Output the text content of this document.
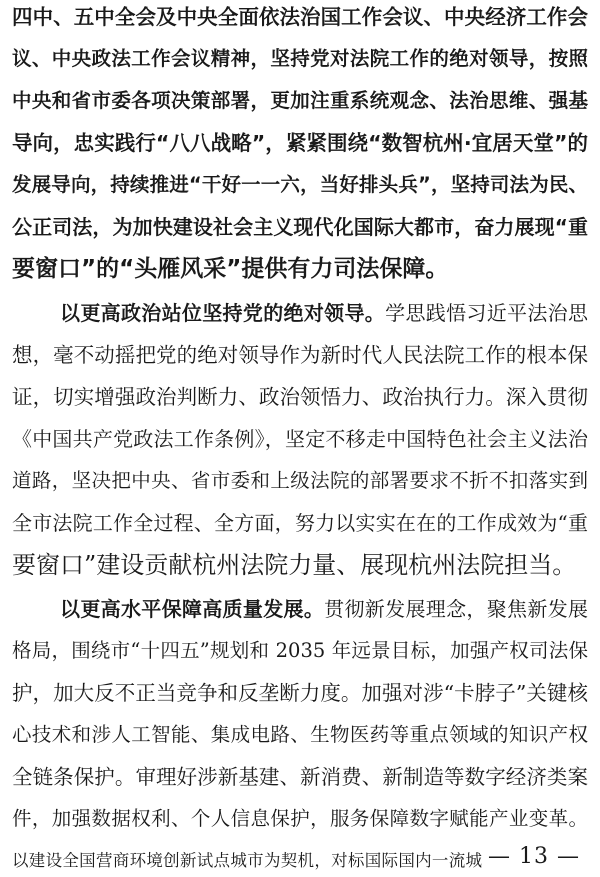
四中、五中全会及中央全面依法治国工作会议、中央经济工作会
议、中央政法工作会议精神，坚持党对法院工作的绝对领导，按照
中央和省市委各项决策部署，更加注重系统观念、法治思维、强基
导向，忠实践行“八八战略”，紧紧围绕“数智杭州·宜居天堂”的
发展导向，持续推进“干好一一六，当好排头兵”，坚持司法为民、
公正司法，为加快建设社会主义现代化国际大都市，奋力展现“重
要窗口”的“头雁风采”提供有力司法保障。
以更高政治站位坚持党的绝对领导。学思践悟习近平法治思
想，毫不动摇把党的绝对领导作为新时代人民法院工作的根本保
证，切实增强政治判断力、政治领悟力、政治执行力。深入贯彻
《中国共产党政法工作条例》，坚定不移走中国特色社会主义法治
道路，坚决把中央、省市委和上级法院的部署要求不折不扣落实到
全市法院工作全过程、全方面，努力以实实在在的工作成效为“重
要窗口”建设贡献杭州法院力量、展现杭州法院担当。
以更高水平保障高质量发展。贯彻新发展理念，聚焦新发展
格局，围绕市“十四五”规划和 2035 年远景目标，加强产权司法保
护，加大反不正当竞争和反垄断力度。加强对涉“卡脖子”关键核
心技术和涉人工智能、集成电路、生物医药等重点领域的知识产权
全链条保护。审理好涉新基建、新消费、新制造等数字经济类案
件，加强数据权利、个人信息保护，服务保障数字赋能产业变革。
以建设全国营商环境创新试点城市为契机，对标国际国内一流城 — 13 —
